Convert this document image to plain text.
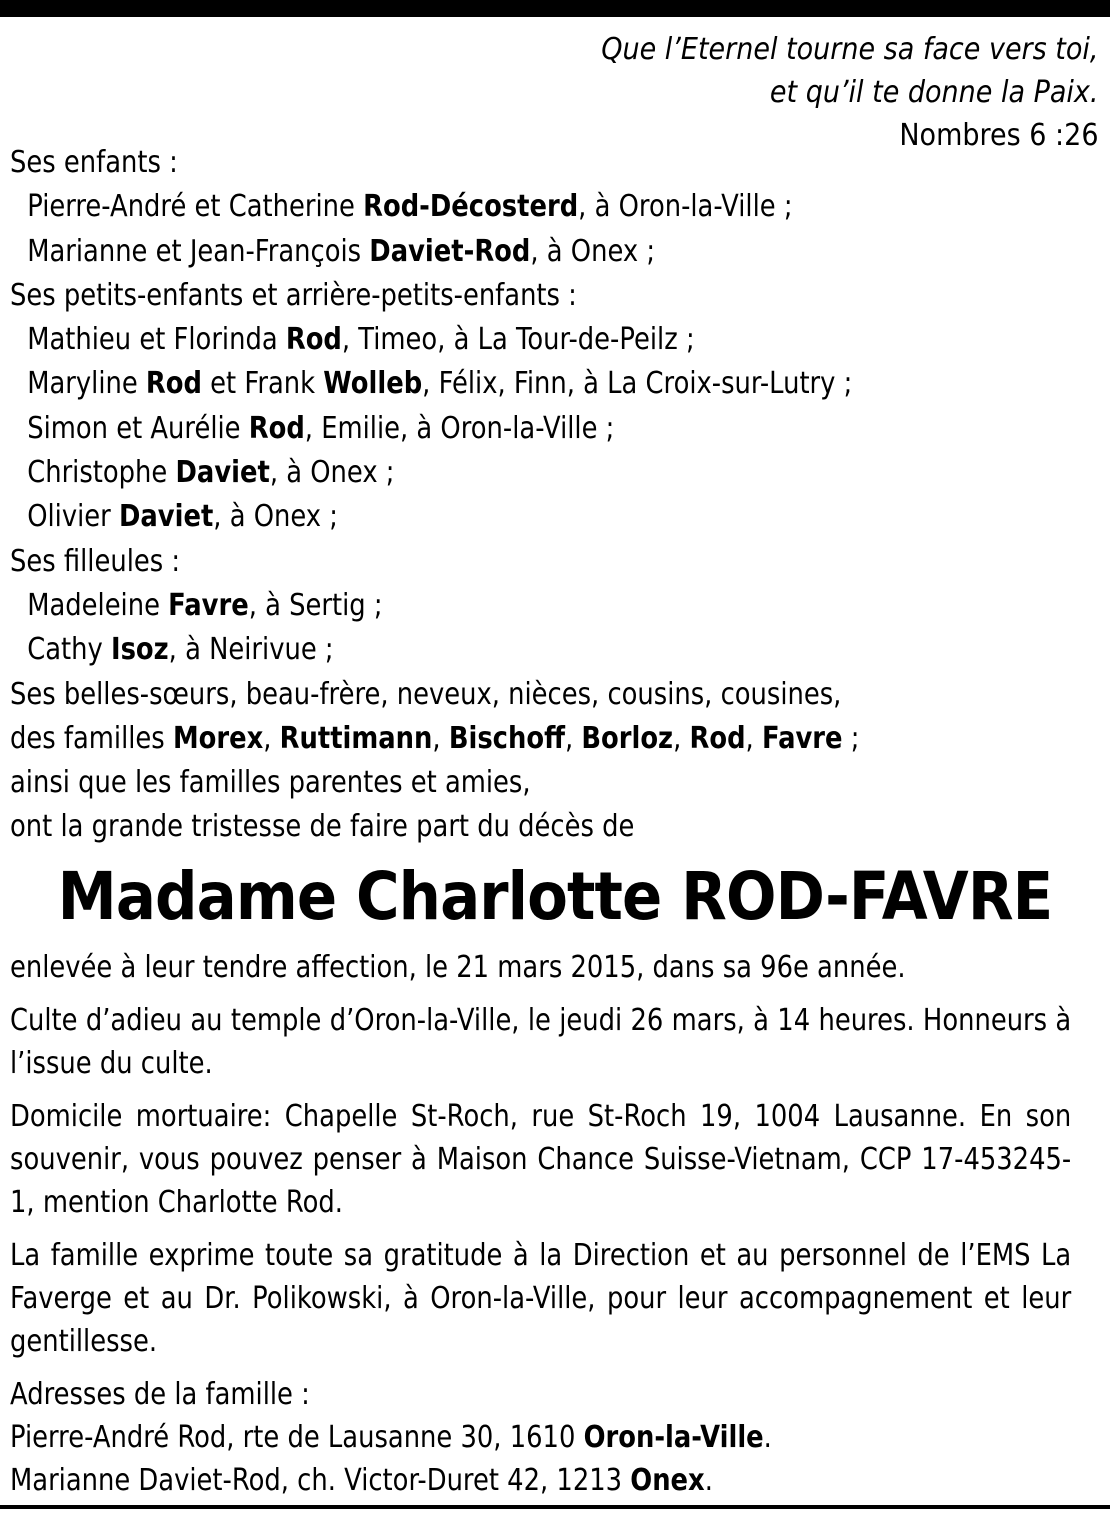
Que l’Eternel tourne sa face vers toi,
et qu’il te donne la Paix.
Nombres 6 :26
Ses enfants :
Pierre-André et Catherine Rod-Décosterd, à Oron-la-Ville ;
Marianne et Jean-François Daviet-Rod, à Onex ;
Ses petits-enfants et arrière-petits-enfants :
Mathieu et Florinda Rod, Timeo, à La Tour-de-Peilz ;
Maryline Rod et Frank Wolleb, Félix, Finn, à La Croix-sur-Lutry ;
Simon et Aurélie Rod, Emilie, à Oron-la-Ville ;
Christophe Daviet, à Onex ;
Olivier Daviet, à Onex ;
Ses filleules :
Madeleine Favre, à Sertig ;
Cathy Isoz, à Neirivue ;
Ses belles-sœurs, beau-frère, neveux, nièces, cousins, cousines,
des familles Morex, Ruttimann, Bischoff, Borloz, Rod, Favre ;
ainsi que les familles parentes et amies,
ont la grande tristesse de faire part du décès de
Madame Charlotte ROD-FAVRE
enlevée à leur tendre affection, le 21 mars 2015, dans sa 96e année.
Culte d’adieu au temple d’Oron-la-Ville, le jeudi 26 mars, à 14 heures. Honneurs à l’issue du culte.
Domicile mortuaire: Chapelle St-Roch, rue St-Roch 19, 1004 Lausanne. En son souvenir, vous pouvez penser à Maison Chance Suisse-Vietnam, CCP 17-453245-1, mention Charlotte Rod.
La famille exprime toute sa gratitude à la Direction et au personnel de l’EMS La Faverge et au Dr. Polikowski, à Oron-la-Ville, pour leur accompagnement et leur gentillesse.
Adresses de la famille :
Pierre-André Rod, rte de Lausanne 30, 1610 Oron-la-Ville.
Marianne Daviet-Rod, ch. Victor-Duret 42, 1213 Onex.
